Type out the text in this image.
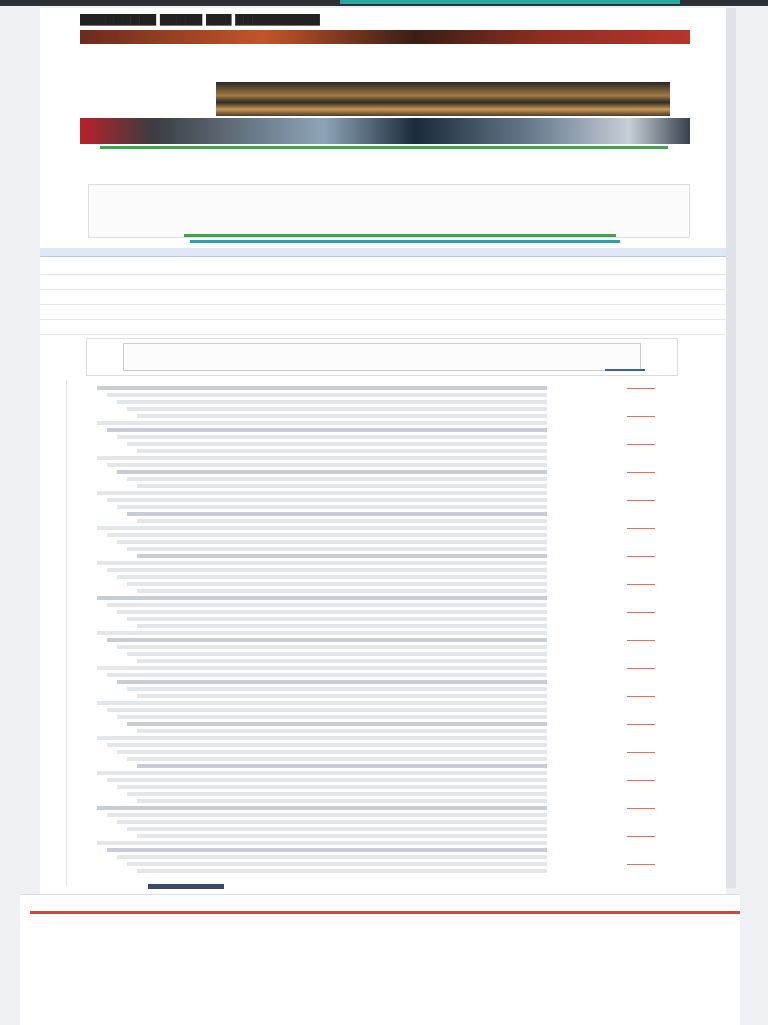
█████████ █████ ███ ██████████
